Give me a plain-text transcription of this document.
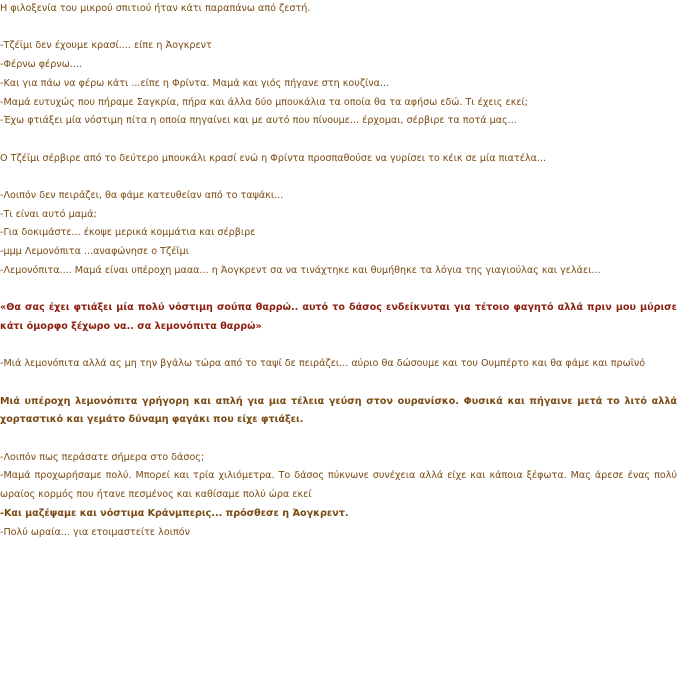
Η φιλοξενία του μικρού σπιτιού ήταν κάτι παραπάνω από ζεστή.

-Τζέϊμι δεν έχουμε κρασί.... είπε η Άογκρεντ

-Φέρνω φέρνω....

-Και για πάω να φέρω κάτι ...είπε η Φρίντα. Μαμά και γιός πήγανε στη κουζίνα...

-Μαμά ευτυχώς που πήραμε Σαγκρία, πήρα και άλλα δύο μπουκάλια τα οποία θα τα αφήσω εδώ. Τι έχεις εκεί;

-Έχω φτιάξει μία νόστιμη πίτα η οποία πηγαίνει και με αυτό που πίνουμε... έρχομαι, σέρβιρε τα ποτά μας...

Ο Τζέϊμι σέρβιρε από το δεύτερο μπουκάλι κρασί ενώ η Φρίντα προσπαθούσε να γυρίσει το κέικ σε μία πιατέλα...

-Λοιπόν δεν πειράζει, θα φάμε κατευθείαν από το ταψάκι...

-Τι είναι αυτό μαμά;

-Για δοκιμάστε... έκοψε μερικά κομμάτια και σέρβιρε

-μμμ Λεμονόπιτα ...αναφώνησε ο Τζέϊμι

-Λεμονόπιτα.... Μαμά είναι υπέροχη μααα... η Άογκρεντ σα να τινάχτηκε και θυμήθηκε τα λόγια της γιαγιούλας και γελάει...

«Θα σας έχει φτιάξει μία πολύ νόστιμη σούπα θαρρώ.. αυτό το δάσος ενδείκνυται για τέτοιο φαγητό αλλά πριν μου μύρισε κάτι όμορφο ξέχωρο να.. σα λεμονόπιτα θαρρώ»

-Μιά λεμονόπιτα αλλά ας μη την βγάλω τώρα από το ταψί δε πειράζει... αύριο θα δώσουμε και του Ουμπέρτο και θα φάμε και πρωϊνό

Μιά υπέροχη λεμονόπιτα γρήγορη και απλή για μια τέλεια γεύση στον ουρανίσκο. Φυσικά και πήγαινε μετά το λιτό αλλά χορταστικό και γεμάτο δύναμη φαγάκι που είχε φτιάξει.

-Λοιπόν πως περάσατε σήμερα στο δάσος;

-Μαμά προχωρήσαμε πολύ. Μπορεί και τρία χιλιόμετρα. Το δάσος πύκνωνε συνέχεια αλλά είχε και κάποια ξέφωτα. Μας άρεσε ένας πολύ ωραίος κορμός που ήτανε πεσμένος και καθίσαμε πολύ ώρα εκεί

-Και μαζέψαμε και νόστιμα Κράνμπερις... πρόσθεσε η Άογκρεντ.

-Πολύ ωραία... για ετοιμαστείτε λοιπόν
